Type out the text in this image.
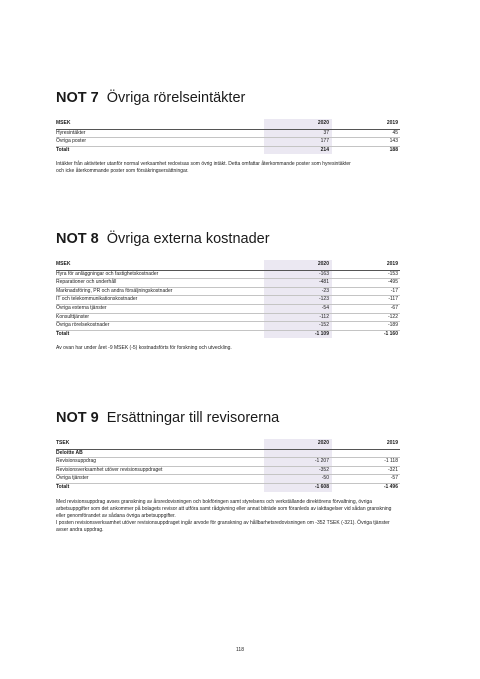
NOT 7 Övriga rörelseintäkter
MSEK	2020	2019
Hyresintäkter	37	45
Övriga poster	177	143
Totalt	214	188

Intäkter från aktiviteter utanför normal verksamhet redovisas som övrig intäkt. Detta omfattar återkommande poster som hyresintäkter och icke återkommande poster som försäkringsersättningar.

NOT 8 Övriga externa kostnader
MSEK	2020	2019
Hyra för anläggningar och fastighetskostnader	-163	-153
Reparationer och underhåll	-481	-495
Marknadsföring, PR och andra försäljningskostnader	-23	-17
IT och telekommunikationskostnader	-123	-117
Övriga externa tjänster	-54	-67
Konsulttjänster	-112	-122
Övriga rörelsekostnader	-152	-189
Totalt	-1 109	-1 160

Av ovan har under året -9 MSEK (-5) kostnadsförts för forskning och utveckling.

NOT 9 Ersättningar till revisorerna
TSEK	2020	2019
Deloitte AB		
Revisionsuppdrag	-1 207	-1 118
Revisionsverksamhet utöver revisionsuppdraget	-352	-321
Övriga tjänster	-50	-57
Totalt	-1 608	-1 496

Med revisionsuppdrag avses granskning av årsredovisningen och bokföringen samt styrelsens och verkställande direktörens förvaltning, övriga arbetsuppgifter som det ankommer på bolagets revisor att utföra samt rådgivning eller annat biträde som föranleds av iakttagelser vid sådan granskning eller genomförandet av sådana övriga arbetsuppgifter.

I posten revisionsverksamhet utöver revisionsuppdraget ingår arvode för granskning av hållbarhetsredovisningen om -352 TSEK (-321). Övriga tjänster avser andra uppdrag.

118
